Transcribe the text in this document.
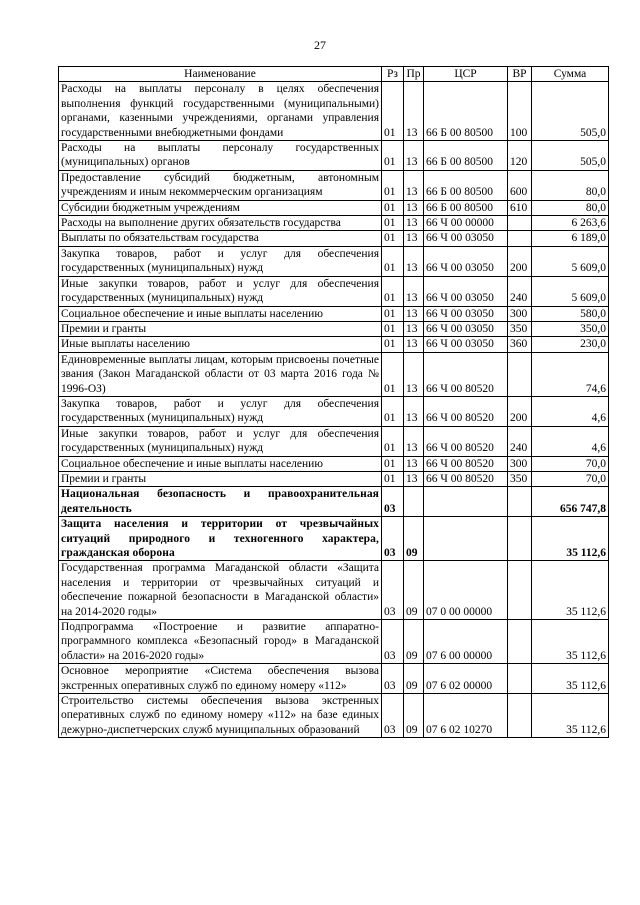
27
Наименование	Рз	Пр	ЦСР	ВР	Сумма
Расходы на выплаты персоналу в целях обеспечения выполнения функций государственными (муниципальными) органами, казенными учреждениями, органами управления государственными внебюджетными фондами	01	13	66 Б 00 80500	100	505,0
Расходы на выплаты персоналу государственных (муниципальных) органов	01	13	66 Б 00 80500	120	505,0
Предоставление субсидий бюджетным, автономным учреждениям и иным некоммерческим организациям	01	13	66 Б 00 80500	600	80,0
Субсидии бюджетным учреждениям	01	13	66 Б 00 80500	610	80,0
Расходы на выполнение других обязательств государства	01	13	66 Ч 00 00000		6 263,6
Выплаты по обязательствам государства	01	13	66 Ч 00 03050		6 189,0
Закупка товаров, работ и услуг для обеспечения государственных (муниципальных) нужд	01	13	66 Ч 00 03050	200	5 609,0
Иные закупки товаров, работ и услуг для обеспечения государственных (муниципальных) нужд	01	13	66 Ч 00 03050	240	5 609,0
Социальное обеспечение и иные выплаты населению	01	13	66 Ч 00 03050	300	580,0
Премии и гранты	01	13	66 Ч 00 03050	350	350,0
Иные выплаты населению	01	13	66 Ч 00 03050	360	230,0
Единовременные выплаты лицам, которым присвоены почетные звания (Закон Магаданской области от 03 марта 2016 года № 1996-ОЗ)	01	13	66 Ч 00 80520		74,6
Закупка товаров, работ и услуг для обеспечения государственных (муниципальных) нужд	01	13	66 Ч 00 80520	200	4,6
Иные закупки товаров, работ и услуг для обеспечения государственных (муниципальных) нужд	01	13	66 Ч 00 80520	240	4,6
Социальное обеспечение и иные выплаты населению	01	13	66 Ч 00 80520	300	70,0
Премии и гранты	01	13	66 Ч 00 80520	350	70,0
Национальная безопасность и правоохранительная деятельность	03				656 747,8
Защита населения и территории от чрезвычайных ситуаций природного и техногенного характера, гражданская оборона	03	09			35 112,6
Государственная программа Магаданской области «Защита населения и территории от чрезвычайных ситуаций и обеспечение пожарной безопасности в Магаданской области» на 2014-2020 годы»	03	09	07 0 00 00000		35 112,6
Подпрограмма «Построение и развитие аппаратно-программного комплекса «Безопасный город» в Магаданской области» на 2016-2020 годы»	03	09	07 6 00 00000		35 112,6
Основное мероприятие «Система обеспечения вызова экстренных оперативных служб по единому номеру «112»	03	09	07 6 02 00000		35 112,6
Строительство системы обеспечения вызова экстренных оперативных служб по единому номеру «112» на базе единых дежурно-диспетчерских служб муниципальных образований	03	09	07 6 02 10270		35 112,6
